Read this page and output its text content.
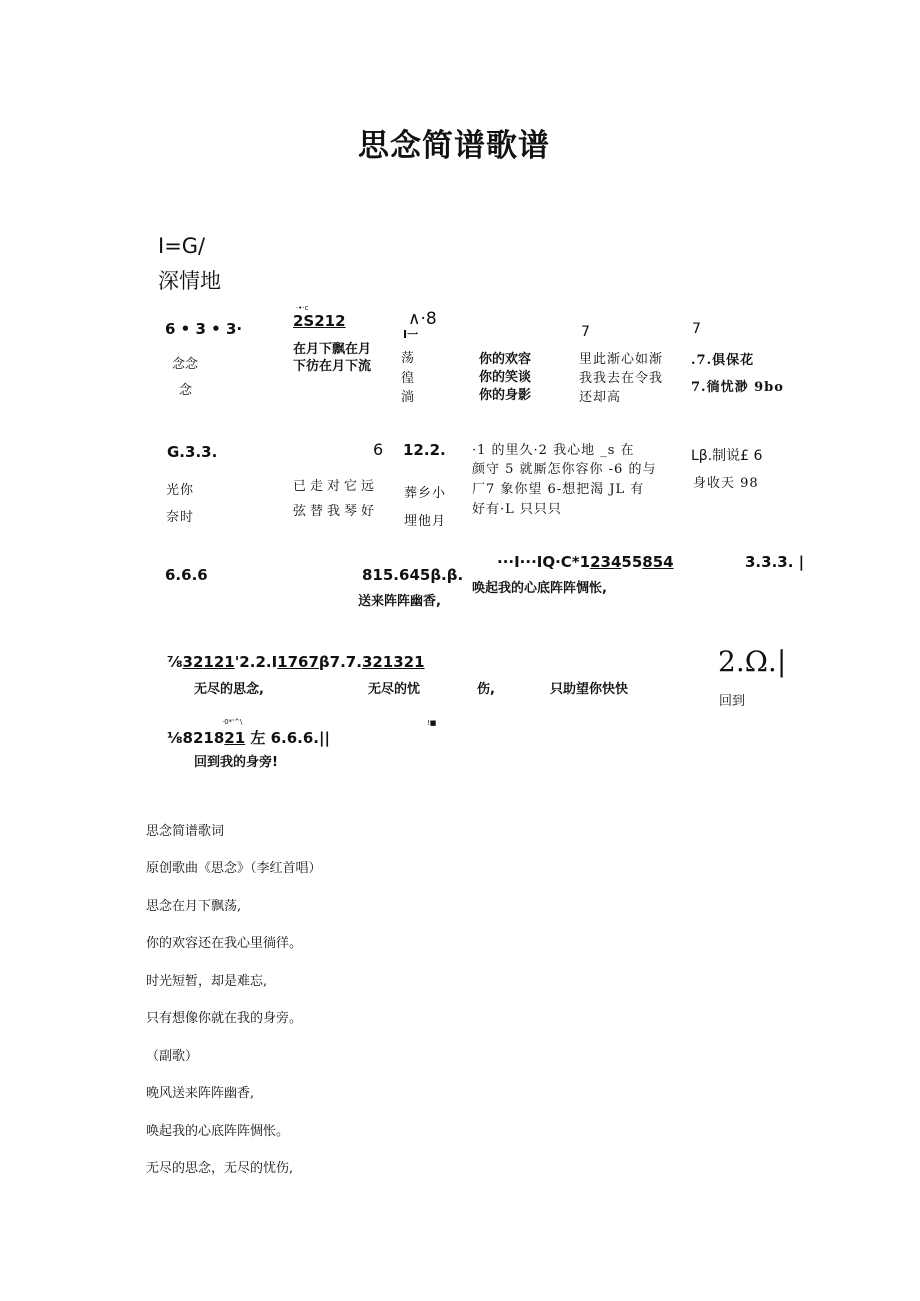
思念简谱歌谱
I=G/
深情地
6 • 3 • 3·
念念
念
·•·c
2S212
在月下飘在月
下彷在月下流
∧·8
I一
荡
徨
淌
你的欢容
你的笑谈
你的身影
7
里此渐心如渐
我我去在令我
还却高
7
.7.俱保花
7.徜忧渺 9bo
G.3.3.
光你
奈时
6
已走对它远
弦替我琴好
12.2.
葬乡小
埋他月
·1 的里久·2 我心地 _s 在
颜守 5 就厮怎你容你 -6 的与
厂7 象你望 6-想把渴 JL 有
好有·L 只只只
Lβ.制说£ 6
身收天 98
6.6.6	815.645β.β.
送来阵阵幽香,
···I···IQ·C*123455854
唤起我的心底阵阵惆怅,
3.3.3. |
⅞32121'2.2.I1767β7.7.321321
无尽的思念,	无尽的忧	伤,	只助望你快快
2.Ω.|
回到
·0*'^\
⅛821821 左 6.6.6.||
回到我的身旁!
!■
思念简谱歌词
原创歌曲《思念》（李红首唱）
思念在月下飘荡,
你的欢容还在我心里徜徉。
时光短暂，却是难忘,
只有想像你就在我的身旁。
（副歌）
晚风送来阵阵幽香,
唤起我的心底阵阵惆怅。
无尽的思念，无尽的忧伤,
